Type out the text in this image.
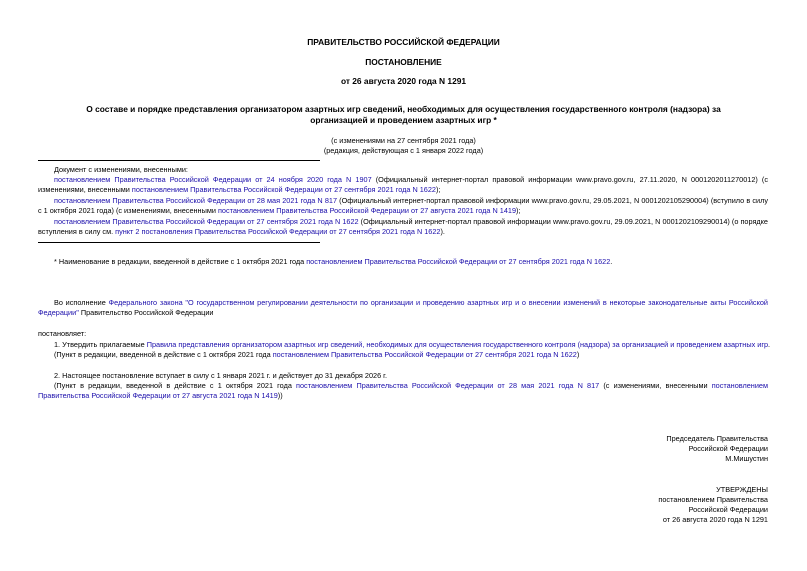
ПРАВИТЕЛЬСТВО РОССИЙСКОЙ ФЕДЕРАЦИИ
ПОСТАНОВЛЕНИЕ
от 26 августа 2020 года N 1291
О составе и порядке представления организатором азартных игр сведений, необходимых для осуществления государственного контроля (надзора) за
организацией и проведением азартных игр *
(с изменениями на 27 сентября 2021 года)
(редакция, действующая с 1 января 2022 года)
Документ с изменениями, внесенными:
постановлением Правительства Российской Федерации от 24 ноября 2020 года N 1907 (Официальный интернет-портал правовой информации www.pravo.gov.ru, 27.11.2020, N 0001202011270012) (с изменениями, внесенными постановлением Правительства Российской Федерации от 27 сентября 2021 года N 1622);
постановлением Правительства Российской Федерации от 28 мая 2021 года N 817 (Официальный интернет-портал правовой информации www.pravo.gov.ru, 29.05.2021, N 0001202105290004) (вступило в силу с 1 октября 2021 года) (с изменениями, внесенными постановлением Правительства Российской Федерации от 27 августа 2021 года N 1419);
постановлением Правительства Российской Федерации от 27 сентября 2021 года N 1622 (Официальный интернет-портал правовой информации www.pravo.gov.ru, 29.09.2021, N 0001202109290014) (о порядке вступления в силу см. пункт 2 постановления Правительства Российской Федерации от 27 сентября 2021 года N 1622).
* Наименование в редакции, введенной в действие с 1 октября 2021 года постановлением Правительства Российской Федерации от 27 сентября 2021 года N 1622.
Во исполнение Федерального закона "О государственном регулировании деятельности по организации и проведению азартных игр и о внесении изменений в некоторые законодательные акты Российской Федерации" Правительство Российской Федерации
постановляет:
1. Утвердить прилагаемые Правила представления организатором азартных игр сведений, необходимых для осуществления государственного контроля (надзора) за организацией и проведением азартных игр.
(Пункт в редакции, введенной в действие с 1 октября 2021 года постановлением Правительства Российской Федерации от 27 сентября 2021 года N 1622)
2. Настоящее постановление вступает в силу с 1 января 2021 г. и действует до 31 декабря 2026 г.
(Пункт в редакции, введенной в действие с 1 октября 2021 года постановлением Правительства Российской Федерации от 28 мая 2021 года N 817 (с изменениями, внесенными постановлением Правительства Российской Федерации от 27 августа 2021 года N 1419))
Председатель Правительства
Российской Федерации
М.Мишустин
УТВЕРЖДЕНЫ
постановлением Правительства
Российской Федерации
от 26 августа 2020 года N 1291
